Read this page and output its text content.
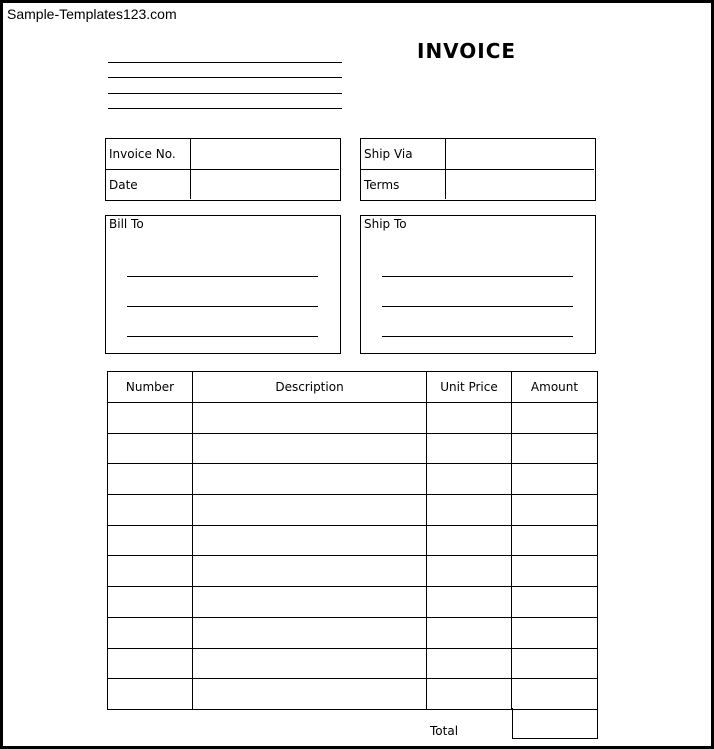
Sample-Templates123.com
INVOICE
Invoice No.
Date
Ship Via
Terms
Bill To	Ship To
Number	Description	Unit Price	Amount

Total
